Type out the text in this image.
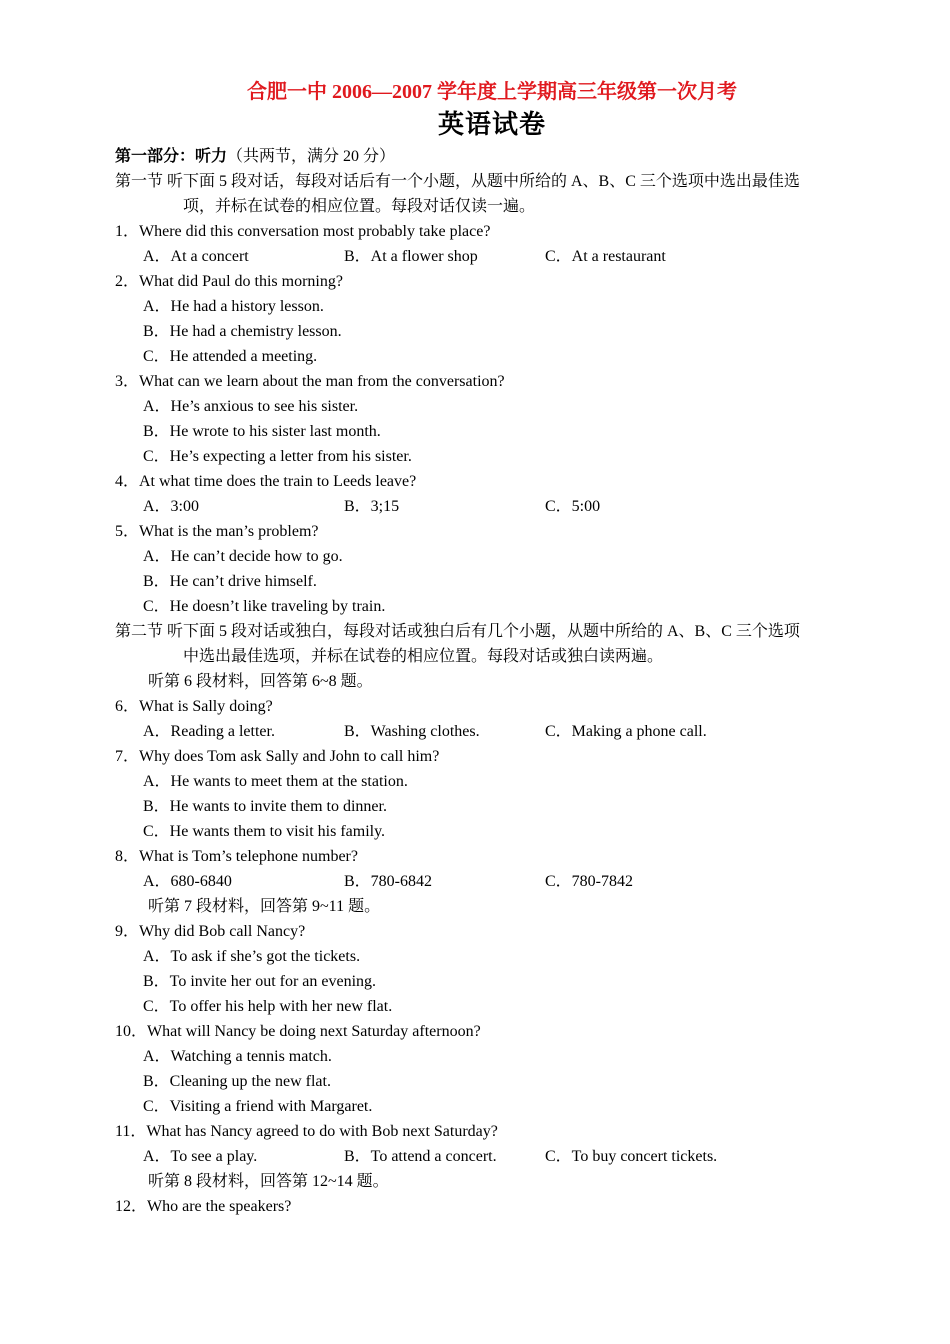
合肥一中 2006—2007 学年度上学期高三年级第一次月考
英语试卷
第一部分：听力（共两节，满分 20 分）
第一节 听下面 5 段对话，每段对话后有一个小题，从题中所给的 A、B、C 三个选项中选出最佳选
项，并标在试卷的相应位置。每段对话仅读一遍。
1．Where did this conversation most probably take place?
A．At a concert	B．At a flower shop	C．At a restaurant
2．What did Paul do this morning?
A．He had a history lesson.
B．He had a chemistry lesson.
C．He attended a meeting.
3．What can we learn about the man from the conversation?
A．He’s anxious to see his sister.
B．He wrote to his sister last month.
C．He’s expecting a letter from his sister.
4．At what time does the train to Leeds leave?
A．3:00	B．3;15	C．5:00
5．What is the man’s problem?
A．He can’t decide how to go.
B．He can’t drive himself.
C．He doesn’t like traveling by train.
第二节 听下面 5 段对话或独白，每段对话或独白后有几个小题，从题中所给的 A、B、C 三个选项
中选出最佳选项，并标在试卷的相应位置。每段对话或独白读两遍。
听第 6 段材料，回答第 6~8 题。
6．What is Sally doing?
A．Reading a letter.	B．Washing clothes.	C．Making a phone call.
7．Why does Tom ask Sally and John to call him?
A．He wants to meet them at the station.
B．He wants to invite them to dinner.
C．He wants them to visit his family.
8．What is Tom’s telephone number?
A．680-6840	B．780-6842	C．780-7842
听第 7 段材料，回答第 9~11 题。
9．Why did Bob call Nancy?
A．To ask if she’s got the tickets.
B．To invite her out for an evening.
C．To offer his help with her new flat.
10．What will Nancy be doing next Saturday afternoon?
A．Watching a tennis match.
B．Cleaning up the new flat.
C．Visiting a friend with Margaret.
11．What has Nancy agreed to do with Bob next Saturday?
A．To see a play.	B．To attend a concert.	C．To buy concert tickets.
听第 8 段材料，回答第 12~14 题。
12．Who are the speakers?
